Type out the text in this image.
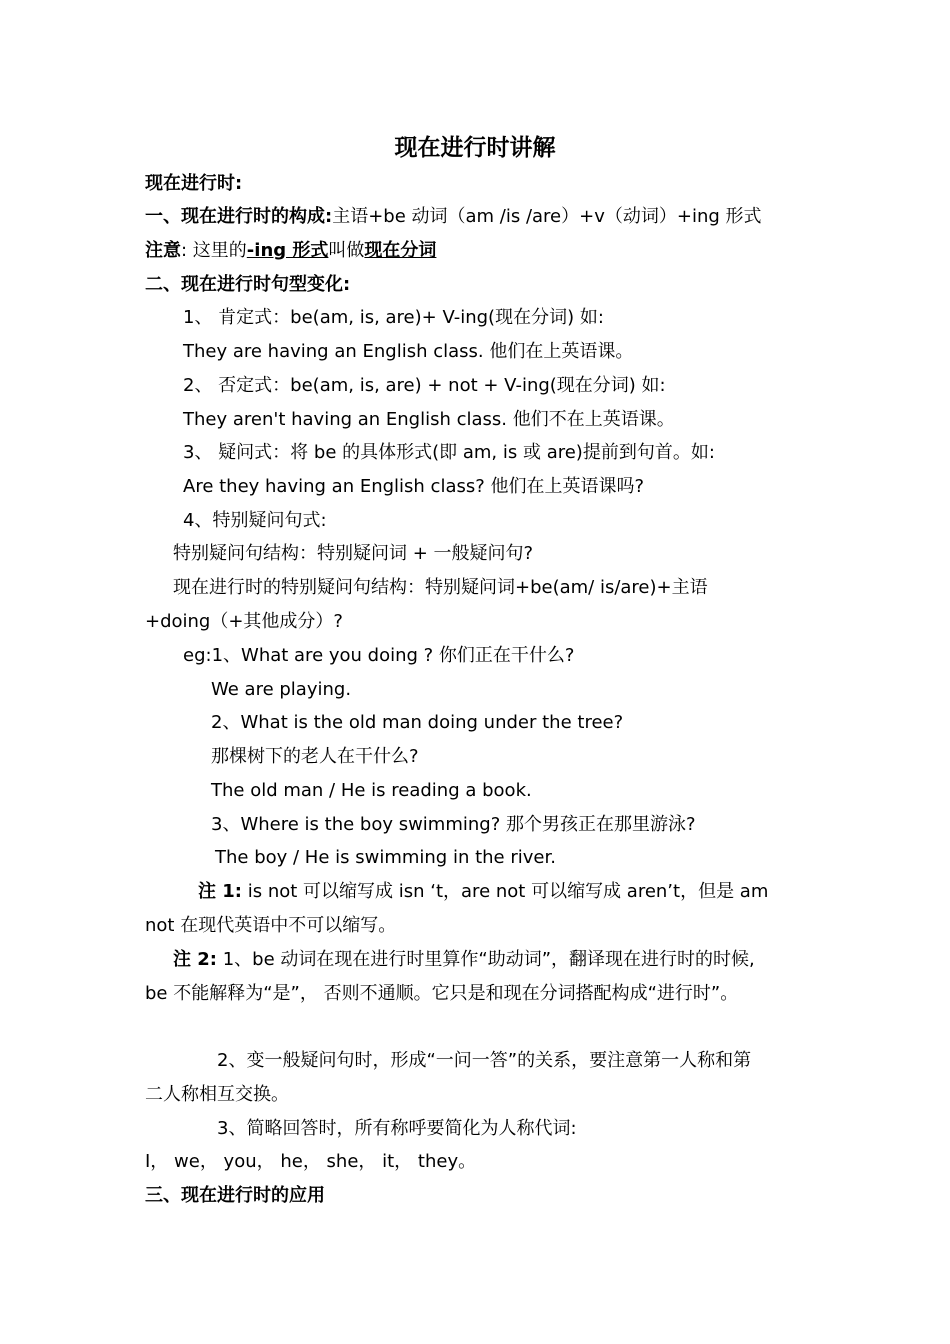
现在进行时讲解
现在进行时:
一、现在进行时的构成:主语+be 动词（am /is /are）+v（动词）+ing 形式
注意: 这里的-ing 形式叫做现在分词
二、现在进行时句型变化:
1、 肯定式：be(am, is, are)+ V-ing(现在分词) 如:
They are having an English class. 他们在上英语课。
2、 否定式：be(am, is, are) + not + V-ing(现在分词) 如:
They aren't having an English class. 他们不在上英语课。
3、 疑问式：将 be 的具体形式(即 am, is 或 are)提前到句首。如:
Are they having an English class? 他们在上英语课吗?
4、特别疑问句式:
特别疑问句结构：特别疑问词 + 一般疑问句?
现在进行时的特别疑问句结构：特别疑问词+be(am/ is/are)+主语
+doing（+其他成分）?
eg:1、What are you doing ? 你们正在干什么?
We are playing.
2、What is the old man doing under the tree?
那棵树下的老人在干什么?
The old man / He is reading a book.
3、Where is the boy swimming? 那个男孩正在那里游泳?
The boy / He is swimming in the river.
注 1: is not 可以缩写成 isn ‘t，are not 可以缩写成 aren’t，但是 am
not 在现代英语中不可以缩写。
注 2: 1、be 动词在现在进行时里算作“助动词”，翻译现在进行时的时候,
be 不能解释为“是”， 否则不通顺。它只是和现在分词搭配构成“进行时”。
2、变一般疑问句时，形成“一问一答”的关系，要注意第一人称和第
二人称相互交换。
3、简略回答时，所有称呼要简化为人称代词:
I， we， you， he， she， it， they。
三、现在进行时的应用
